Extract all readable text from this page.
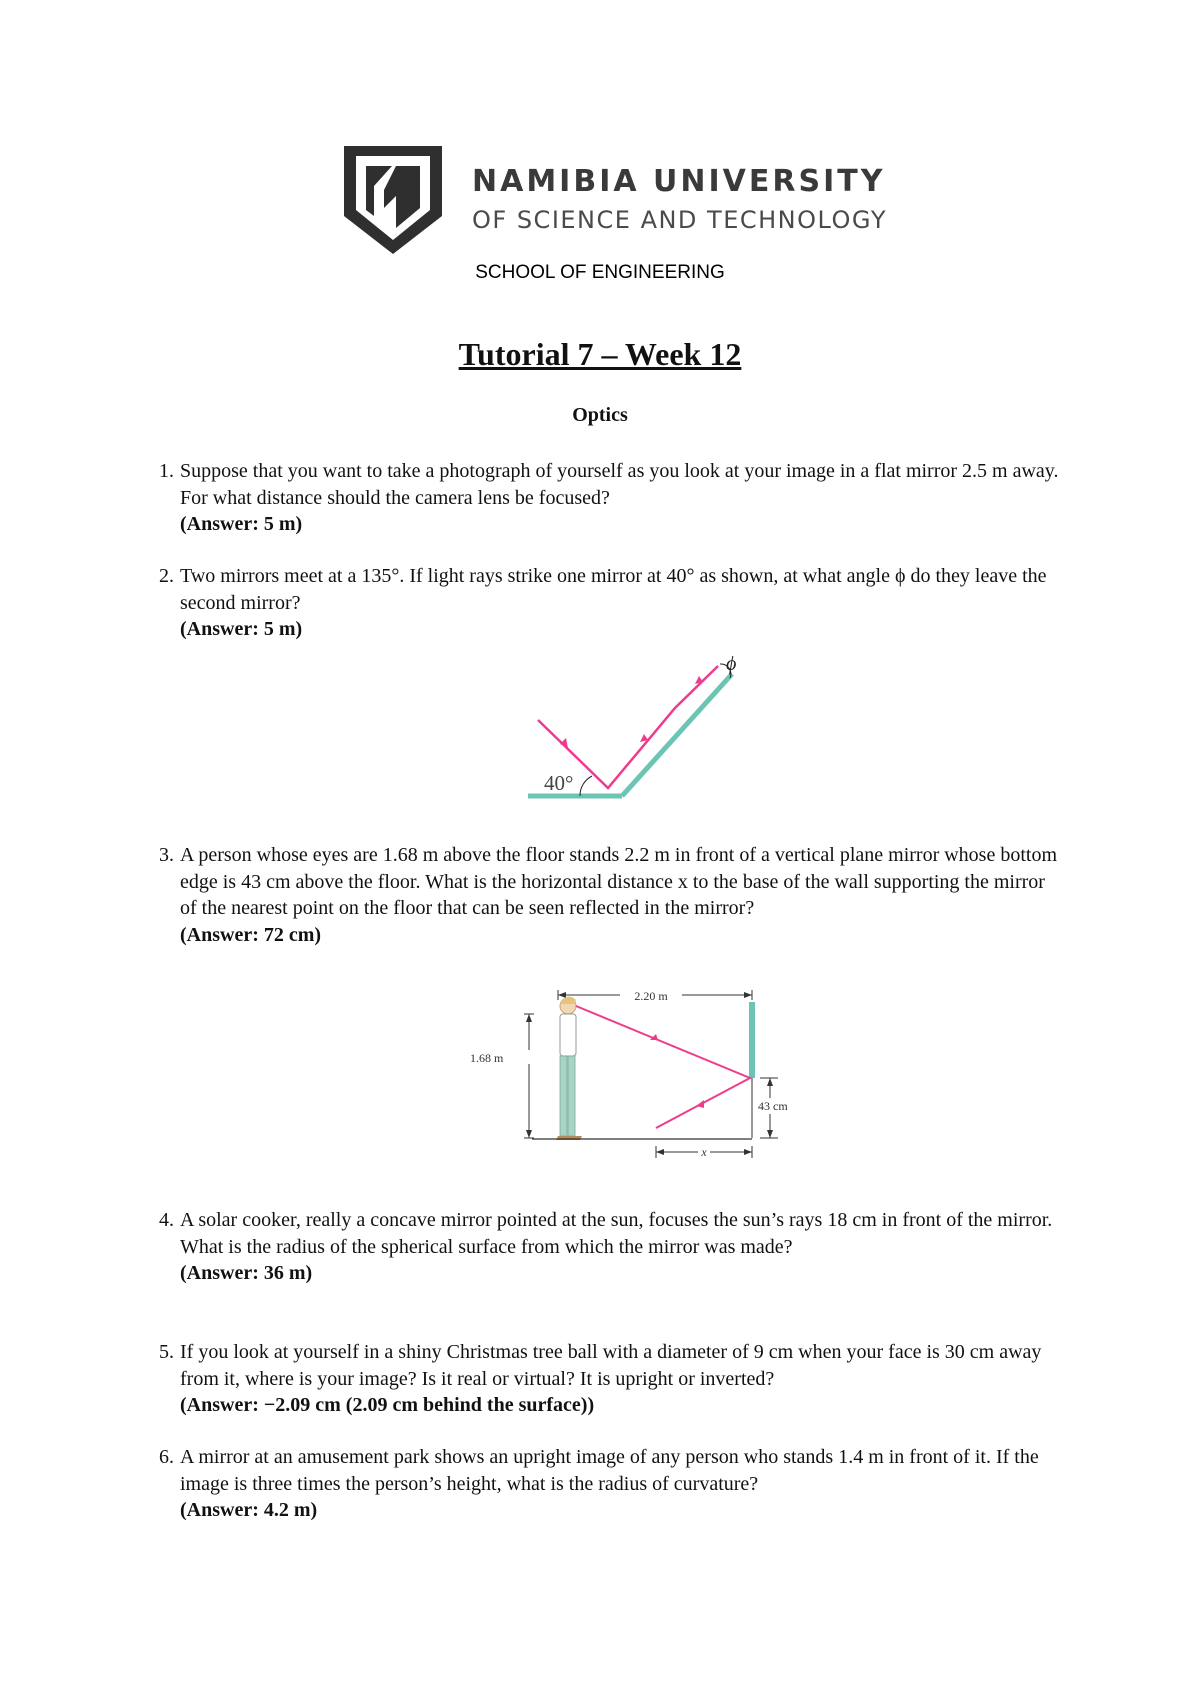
NAMIBIA UNIVERSITY
OF SCIENCE AND TECHNOLOGY
SCHOOL OF ENGINEERING
Tutorial 7 – Week 12
Optics
1. Suppose that you want to take a photograph of yourself as you look at your image in a flat mirror 2.5 m away. For what distance should the camera lens be focused?
(Answer: 5 m)
2. Two mirrors meet at a 135°. If light rays strike one mirror at 40° as shown, at what angle ϕ do they leave the second mirror?
(Answer: 5 m)
40°
ϕ
3. A person whose eyes are 1.68 m above the floor stands 2.2 m in front of a vertical plane mirror whose bottom edge is 43 cm above the floor. What is the horizontal distance x to the base of the wall supporting the mirror of the nearest point on the floor that can be seen reflected in the mirror?
(Answer: 72 cm)
2.20 m
1.68 m
43 cm
x
4. A solar cooker, really a concave mirror pointed at the sun, focuses the sun’s rays 18 cm in front of the mirror. What is the radius of the spherical surface from which the mirror was made?
(Answer: 36 m)
5. If you look at yourself in a shiny Christmas tree ball with a diameter of 9 cm when your face is 30 cm away from it, where is your image? Is it real or virtual? It is upright or inverted?
(Answer: −2.09 cm (2.09 cm behind the surface))
6. A mirror at an amusement park shows an upright image of any person who stands 1.4 m in front of it. If the image is three times the person’s height, what is the radius of curvature?
(Answer: 4.2 m)
